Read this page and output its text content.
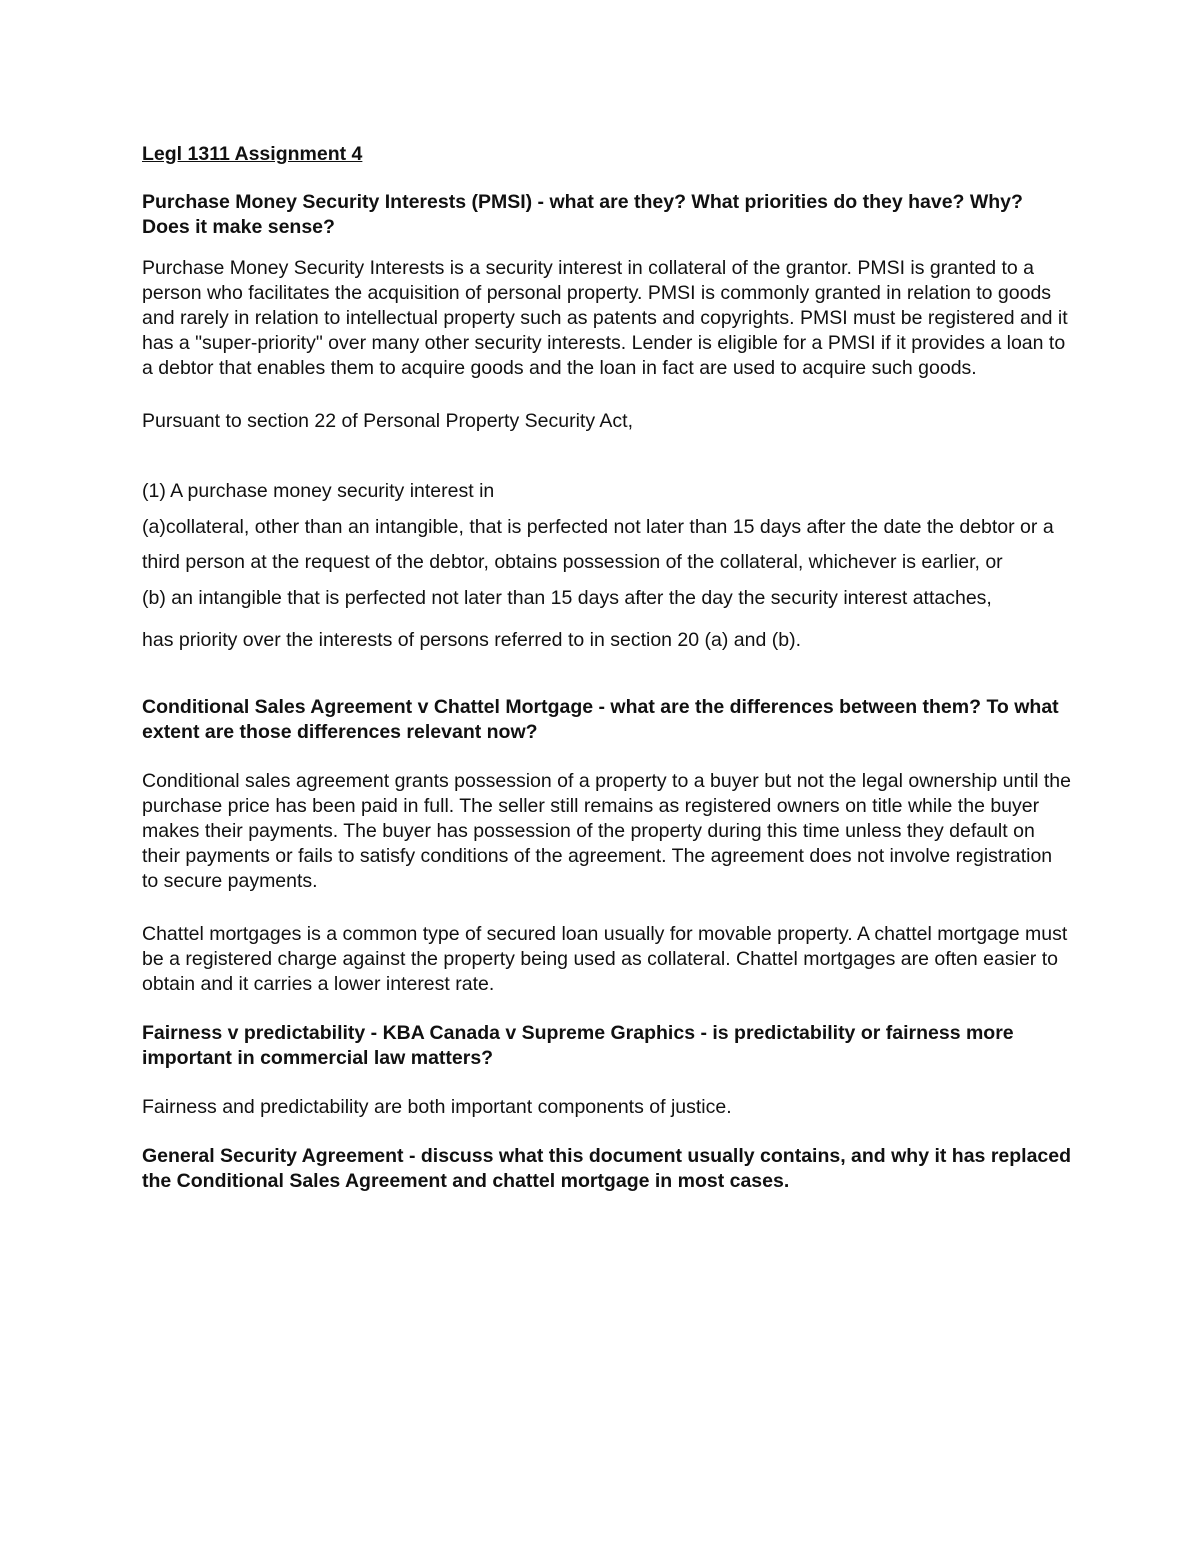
Legl 1311 Assignment 4
Purchase Money Security Interests (PMSI) - what are they? What priorities do they have? Why? Does it make sense?
Purchase Money Security Interests is a security interest in collateral of the grantor. PMSI is granted to a person who facilitates the acquisition of personal property. PMSI is commonly granted in relation to goods and rarely in relation to intellectual property such as patents and copyrights. PMSI must be registered and it has a "super-priority" over many other security interests. Lender is eligible for a PMSI if it provides a loan to a debtor that enables them to acquire goods and the loan in fact are used to acquire such goods.
Pursuant to section 22 of Personal Property Security Act,
(1) A purchase money security interest in
(a)collateral, other than an intangible, that is perfected not later than 15 days after the date the debtor or a third person at the request of the debtor, obtains possession of the collateral, whichever is earlier, or
(b) an intangible that is perfected not later than 15 days after the day the security interest attaches,
has priority over the interests of persons referred to in section 20 (a) and (b).
Conditional Sales Agreement v Chattel Mortgage - what are the differences between them? To what extent are those differences relevant now?
Conditional sales agreement grants possession of a property to a buyer but not the legal ownership until the purchase price has been paid in full. The seller still remains as registered owners on title while the buyer makes their payments. The buyer has possession of the property during this time unless they default on their payments or fails to satisfy conditions of the agreement. The agreement does not involve registration to secure payments.
Chattel mortgages is a common type of secured loan usually for movable property. A chattel mortgage must be a registered charge against the property being used as collateral. Chattel mortgages are often easier to obtain and it carries a lower interest rate.
Fairness v predictability - KBA Canada v Supreme Graphics - is predictability or fairness more important in commercial law matters?
Fairness and predictability are both important components of justice.
General Security Agreement - discuss what this document usually contains, and why it has replaced the Conditional Sales Agreement and chattel mortgage in most cases.
